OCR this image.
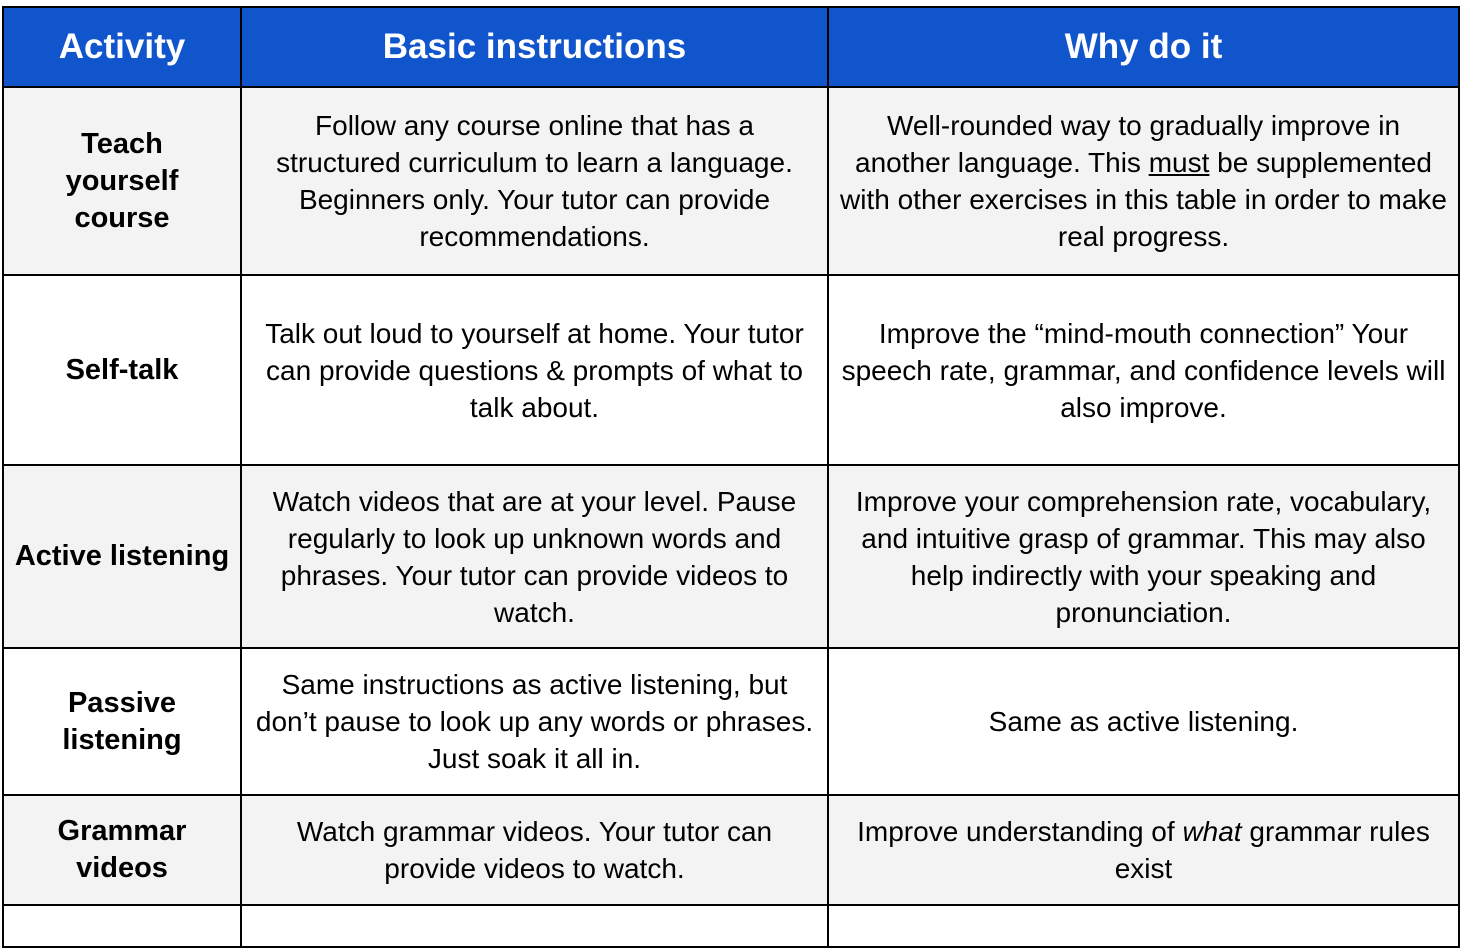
Activity	Basic instructions	Why do it
Teach yourself course	Follow any course online that has a structured curriculum to learn a language. Beginners only. Your tutor can provide recommendations.	Well-rounded way to gradually improve in another language. This must be supplemented with other exercises in this table in order to make real progress.
Self-talk	Talk out loud to yourself at home. Your tutor can provide questions & prompts of what to talk about.	Improve the “mind-mouth connection” Your speech rate, grammar, and confidence levels will also improve.
Active listening	Watch videos that are at your level. Pause regularly to look up unknown words and phrases. Your tutor can provide videos to watch.	Improve your comprehension rate, vocabulary, and intuitive grasp of grammar. This may also help indirectly with your speaking and pronunciation.
Passive listening	Same instructions as active listening, but don’t pause to look up any words or phrases. Just soak it all in.	Same as active listening.
Grammar videos	Watch grammar videos. Your tutor can provide videos to watch.	Improve understanding of what grammar rules exist
